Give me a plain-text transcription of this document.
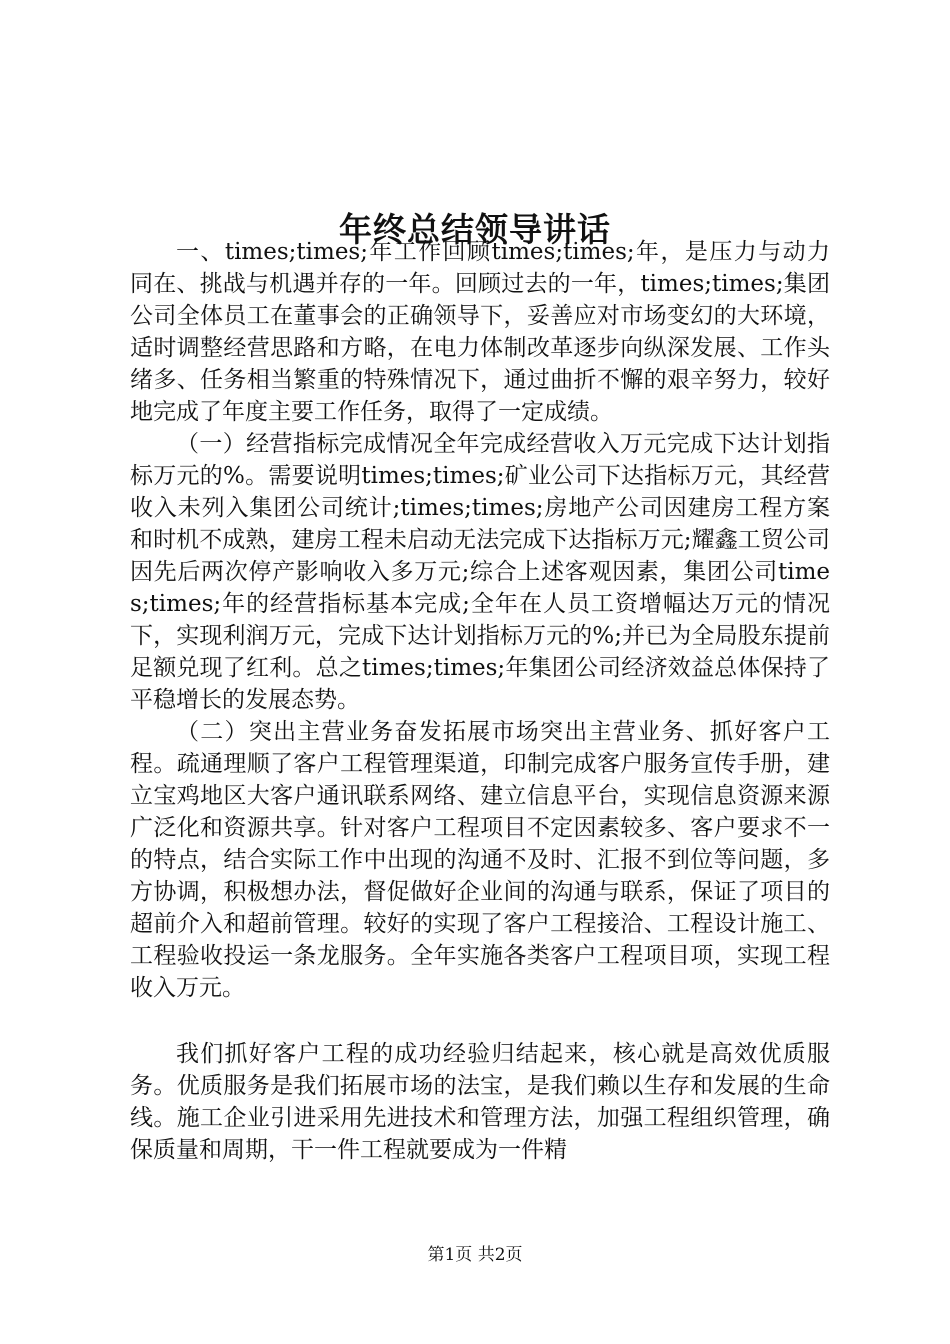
年终总结领导讲话

一、times;times;年工作回顾times;times;年，是压力与动力同在、挑战与机遇并存的一年。回顾过去的一年，times;times;集团公司全体员工在董事会的正确领导下，妥善应对市场变幻的大环境，适时调整经营思路和方略，在电力体制改革逐步向纵深发展、工作头绪多、任务相当繁重的特殊情况下，通过曲折不懈的艰辛努力，较好地完成了年度主要工作任务，取得了一定成绩。

（一）经营指标完成情况全年完成经营收入万元完成下达计划指标万元的%。需要说明times;times;矿业公司下达指标万元，其经营收入未列入集团公司统计;times;times;房地产公司因建房工程方案和时机不成熟，建房工程未启动无法完成下达指标万元;耀鑫工贸公司因先后两次停产影响收入多万元;综合上述客观因素，集团公司times;times;年的经营指标基本完成;全年在人员工资增幅达万元的情况下，实现利润万元，完成下达计划指标万元的%;并已为全局股东提前足额兑现了红利。总之times;times;年集团公司经济效益总体保持了平稳增长的发展态势。

（二）突出主营业务奋发拓展市场突出主营业务、抓好客户工程。疏通理顺了客户工程管理渠道，印制完成客户服务宣传手册，建立宝鸡地区大客户通讯联系网络、建立信息平台，实现信息资源来源广泛化和资源共享。针对客户工程项目不定因素较多、客户要求不一的特点，结合实际工作中出现的沟通不及时、汇报不到位等问题，多方协调，积极想办法，督促做好企业间的沟通与联系，保证了项目的超前介入和超前管理。较好的实现了客户工程接洽、工程设计施工、工程验收投运一条龙服务。全年实施各类客户工程项目项，实现工程收入万元。

我们抓好客户工程的成功经验归结起来，核心就是高效优质服务。优质服务是我们拓展市场的法宝，是我们赖以生存和发展的生命线。施工企业引进采用先进技术和管理方法，加强工程组织管理，确保质量和周期，干一件工程就要成为一件精

第1页 共2页
